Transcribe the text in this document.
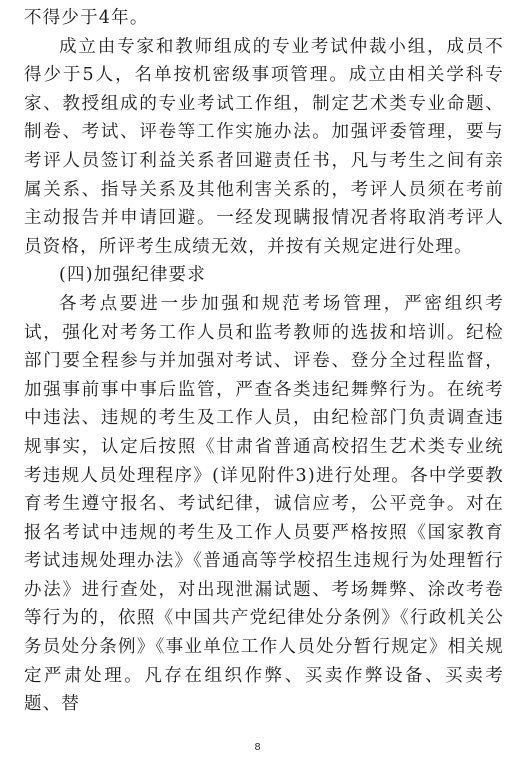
不得少于4年。

成立由专家和教师组成的专业考试仲裁小组，成员不得少于5人，名单按机密级事项管理。成立由相关学科专家、教授组成的专业考试工作组，制定艺术类专业命题、制卷、考试、评卷等工作实施办法。加强评委管理，要与考评人员签订利益关系者回避责任书，凡与考生之间有亲属关系、指导关系及其他利害关系的，考评人员须在考前主动报告并申请回避。一经发现瞒报情况者将取消考评人员资格，所评考生成绩无效，并按有关规定进行处理。

(四)加强纪律要求

各考点要进一步加强和规范考场管理，严密组织考试，强化对考务工作人员和监考教师的选拔和培训。纪检部门要全程参与并加强对考试、评卷、登分全过程监督，加强事前事中事后监管，严查各类违纪舞弊行为。在统考中违法、违规的考生及工作人员，由纪检部门负责调查违规事实，认定后按照《甘肃省普通高校招生艺术类专业统考违规人员处理程序》(详见附件3)进行处理。各中学要教育考生遵守报名、考试纪律，诚信应考，公平竞争。对在报名考试中违规的考生及工作人员要严格按照《国家教育考试违规处理办法》《普通高等学校招生违规行为处理暂行办法》进行查处，对出现泄漏试题、考场舞弊、涂改考卷等行为的，依照《中国共产党纪律处分条例》《行政机关公务员处分条例》《事业单位工作人员处分暂行规定》相关规定严肃处理。凡存在组织作弊、买卖作弊设备、买卖考题、替

8
